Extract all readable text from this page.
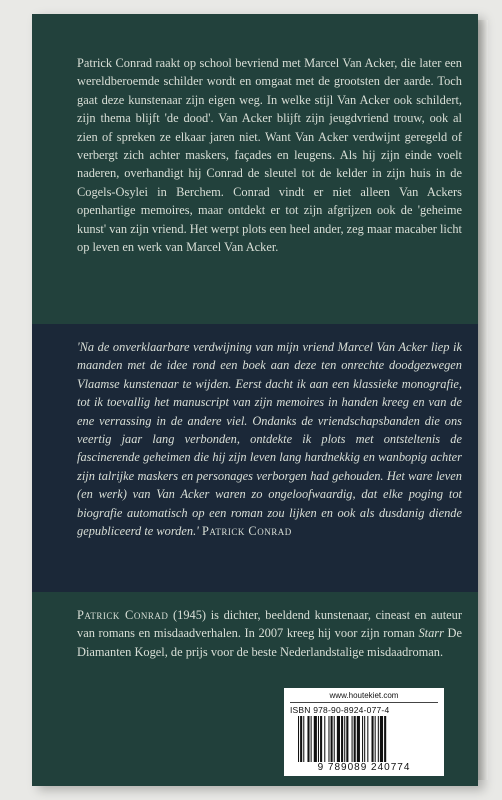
Patrick Conrad raakt op school bevriend met Marcel Van Acker, die later een wereldberoemde schilder wordt en omgaat met de grootsten der aarde. Toch gaat deze kunstenaar zijn eigen weg. In welke stijl Van Acker ook schildert, zijn thema blijft 'de dood'. Van Acker blijft zijn jeugdvriend trouw, ook al zien of spreken ze elkaar jaren niet. Want Van Acker verdwijnt geregeld of verbergt zich achter maskers, façades en leugens. Als hij zijn einde voelt naderen, overhandigt hij Conrad de sleutel tot de kelder in zijn huis in de Cogels-Osylei in Berchem. Conrad vindt er niet alleen Van Ackers openhartige memoires, maar ontdekt er tot zijn afgrijzen ook de 'geheime kunst' van zijn vriend. Het werpt plots een heel ander, zeg maar macaber licht op leven en werk van Marcel Van Acker.

'Na de onverklaarbare verdwijning van mijn vriend Marcel Van Acker liep ik maanden met de idee rond een boek aan deze ten onrechte doodgezwegen Vlaamse kunstenaar te wijden. Eerst dacht ik aan een klassieke monografie, tot ik toevallig het manuscript van zijn memoires in handen kreeg en van de ene verrassing in de andere viel. Ondanks de vriendschapsbanden die ons veertig jaar lang verbonden, ontdekte ik plots met ontsteltenis de fascinerende geheimen die hij zijn leven lang hardnekkig en wanbopig achter zijn talrijke maskers en personages verborgen had gehouden. Het ware leven (en werk) van Van Acker waren zo ongeloofwaardig, dat elke poging tot biografie automatisch op een roman zou lijken en ook als dusdanig diende gepubliceerd te worden.' Patrick Conrad

Patrick Conrad (1945) is dichter, beeldend kunstenaar, cineast en auteur van romans en misdaadverhalen. In 2007 kreeg hij voor zijn roman Starr De Diamanten Kogel, de prijs voor de beste Nederlandstalige misdaadroman.

www.houtekiet.com
ISBN 978-90-8924-077-4
9 789089 240774
